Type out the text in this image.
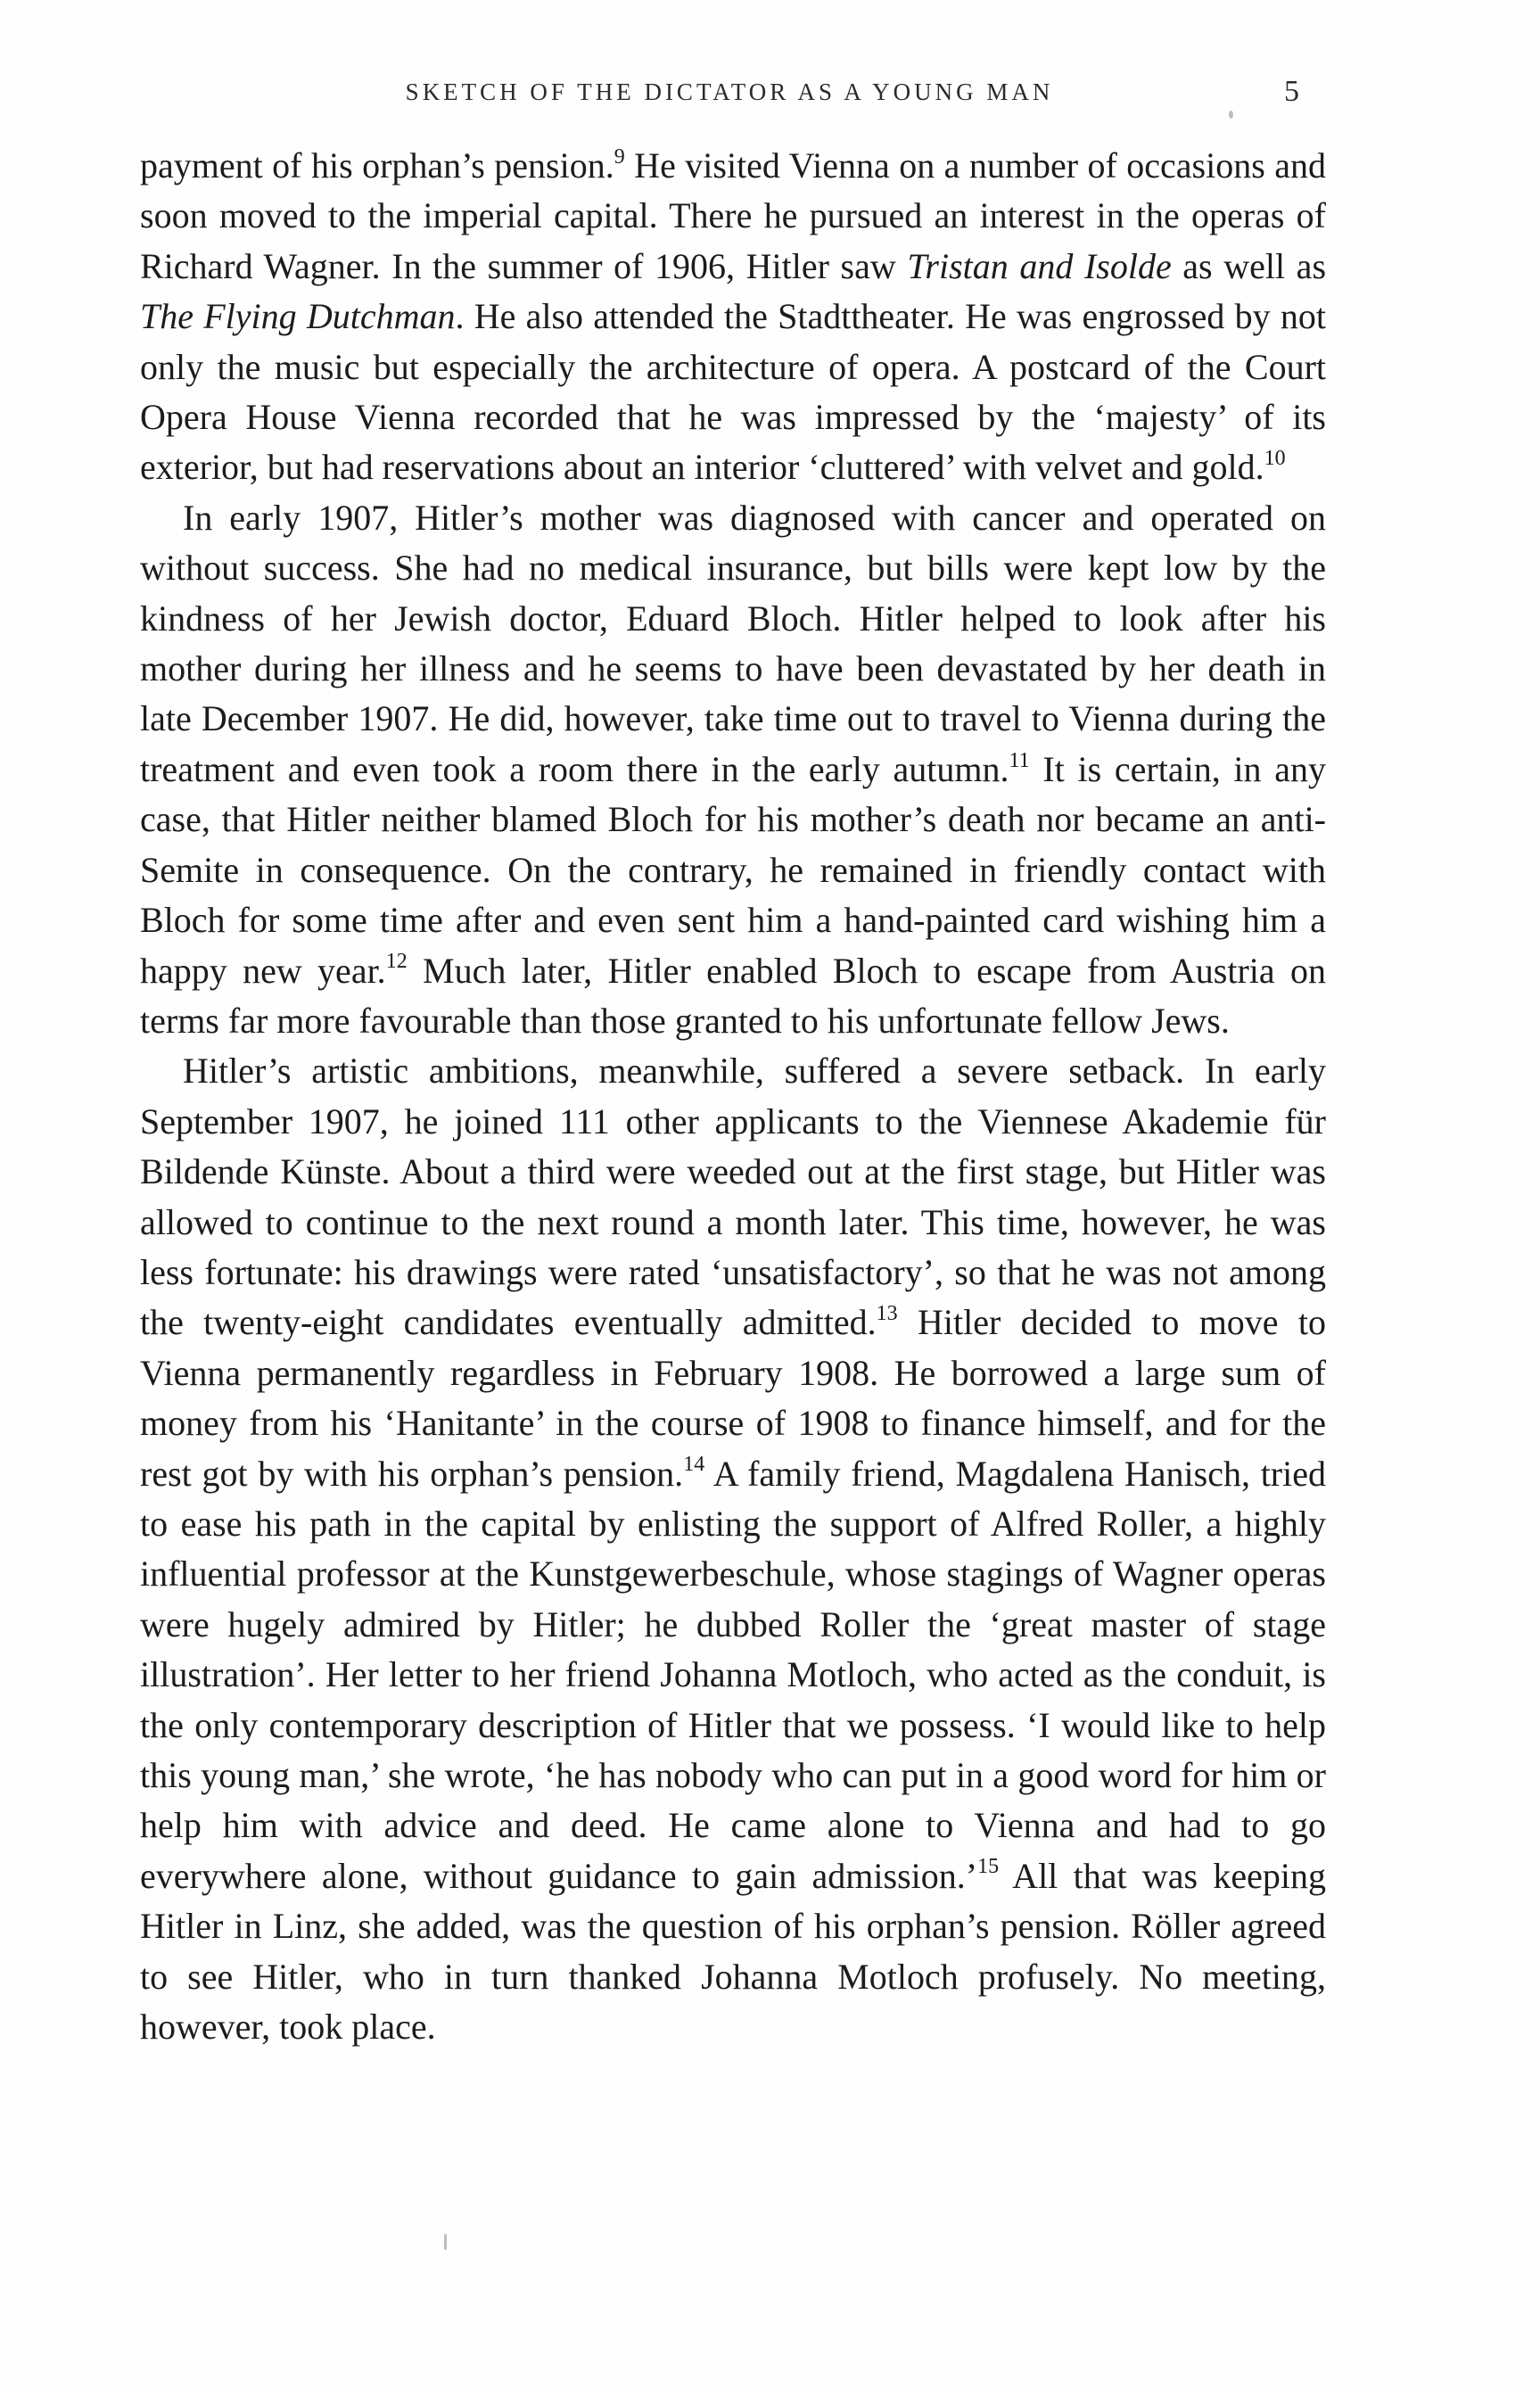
SKETCH OF THE DICTATOR AS A YOUNG MAN	5

payment of his orphan’s pension.$^9$ He visited Vienna on a number of occasions and soon moved to the imperial capital. There he pursued an interest in the operas of Richard Wagner. In the summer of 1906, Hitler saw Tristan and Isolde as well as The Flying Dutchman. He also attended the Stadttheater. He was engrossed by not only the music but especially the architecture of opera. A postcard of the Court Opera House Vienna recorded that he was impressed by the ‘majesty’ of its exterior, but had reservations about an interior ‘cluttered’ with velvet and gold.$^{10}$

In early 1907, Hitler’s mother was diagnosed with cancer and operated on without success. She had no medical insurance, but bills were kept low by the kindness of her Jewish doctor, Eduard Bloch. Hitler helped to look after his mother during her illness and he seems to have been devastated by her death in late December 1907. He did, however, take time out to travel to Vienna during the treatment and even took a room there in the early autumn.$^{11}$ It is certain, in any case, that Hitler neither blamed Bloch for his mother’s death nor became an anti-Semite in consequence. On the contrary, he remained in friendly contact with Bloch for some time after and even sent him a hand-painted card wishing him a happy new year.$^{12}$ Much later, Hitler enabled Bloch to escape from Austria on terms far more favourable than those granted to his unfortunate fellow Jews.

Hitler’s artistic ambitions, meanwhile, suffered a severe setback. In early September 1907, he joined 111 other applicants to the Viennese Akademie für Bildende Künste. About a third were weeded out at the first stage, but Hitler was allowed to continue to the next round a month later. This time, however, he was less fortunate: his drawings were rated ‘unsatisfactory’, so that he was not among the twenty-eight candidates eventually admitted.$^{13}$ Hitler decided to move to Vienna permanently regardless in February 1908. He borrowed a large sum of money from his ‘Hanitante’ in the course of 1908 to finance himself, and for the rest got by with his orphan’s pension.$^{14}$ A family friend, Magdalena Hanisch, tried to ease his path in the capital by enlisting the support of Alfred Roller, a highly influential professor at the Kunstgewerbeschule, whose stagings of Wagner operas were hugely admired by Hitler; he dubbed Roller the ‘great master of stage illustration’. Her letter to her friend Johanna Motloch, who acted as the conduit, is the only contemporary description of Hitler that we possess. ‘I would like to help this young man,’ she wrote, ‘he has nobody who can put in a good word for him or help him with advice and deed. He came alone to Vienna and had to go everywhere alone, without guidance to gain admission.’$^{15}$ All that was keeping Hitler in Linz, she added, was the question of his orphan’s pension. Röller agreed to see Hitler, who in turn thanked Johanna Motloch profusely. No meeting, however, took place.
